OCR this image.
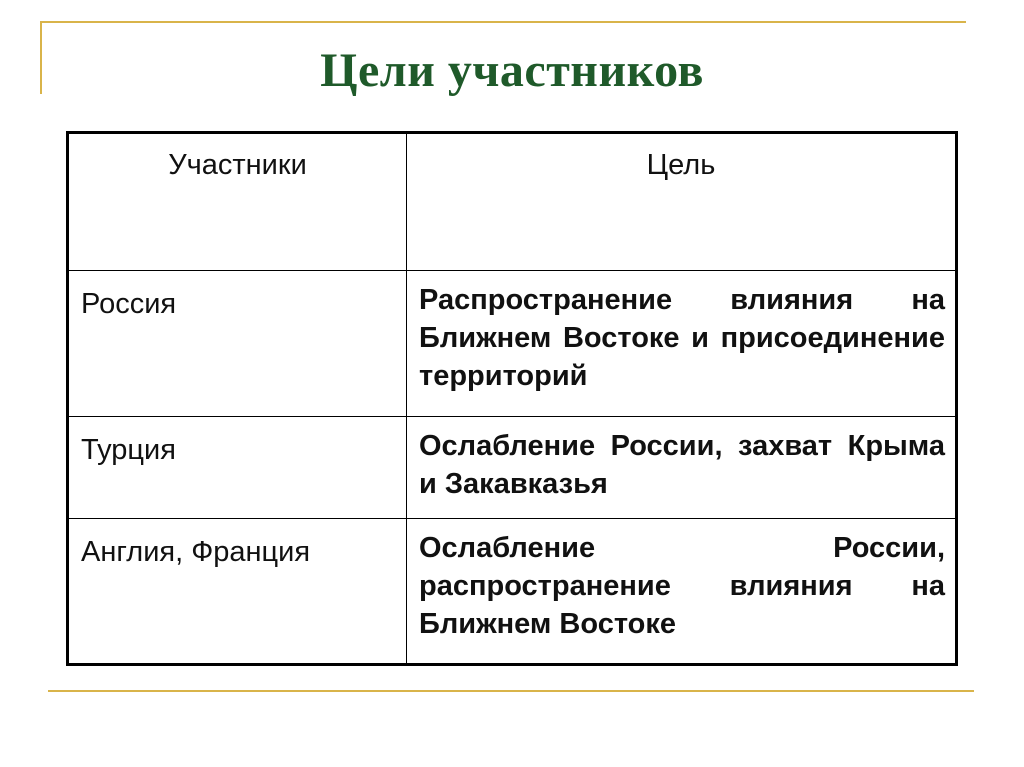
Цели участников
Участники	Цель
Россия	Распространение влияния на Ближнем Востоке и присоединение территорий
Турция	Ослабление России, захват Крыма и Закавказья
Англия, Франция	Ослабление России, распространение влияния на Ближнем Востоке
